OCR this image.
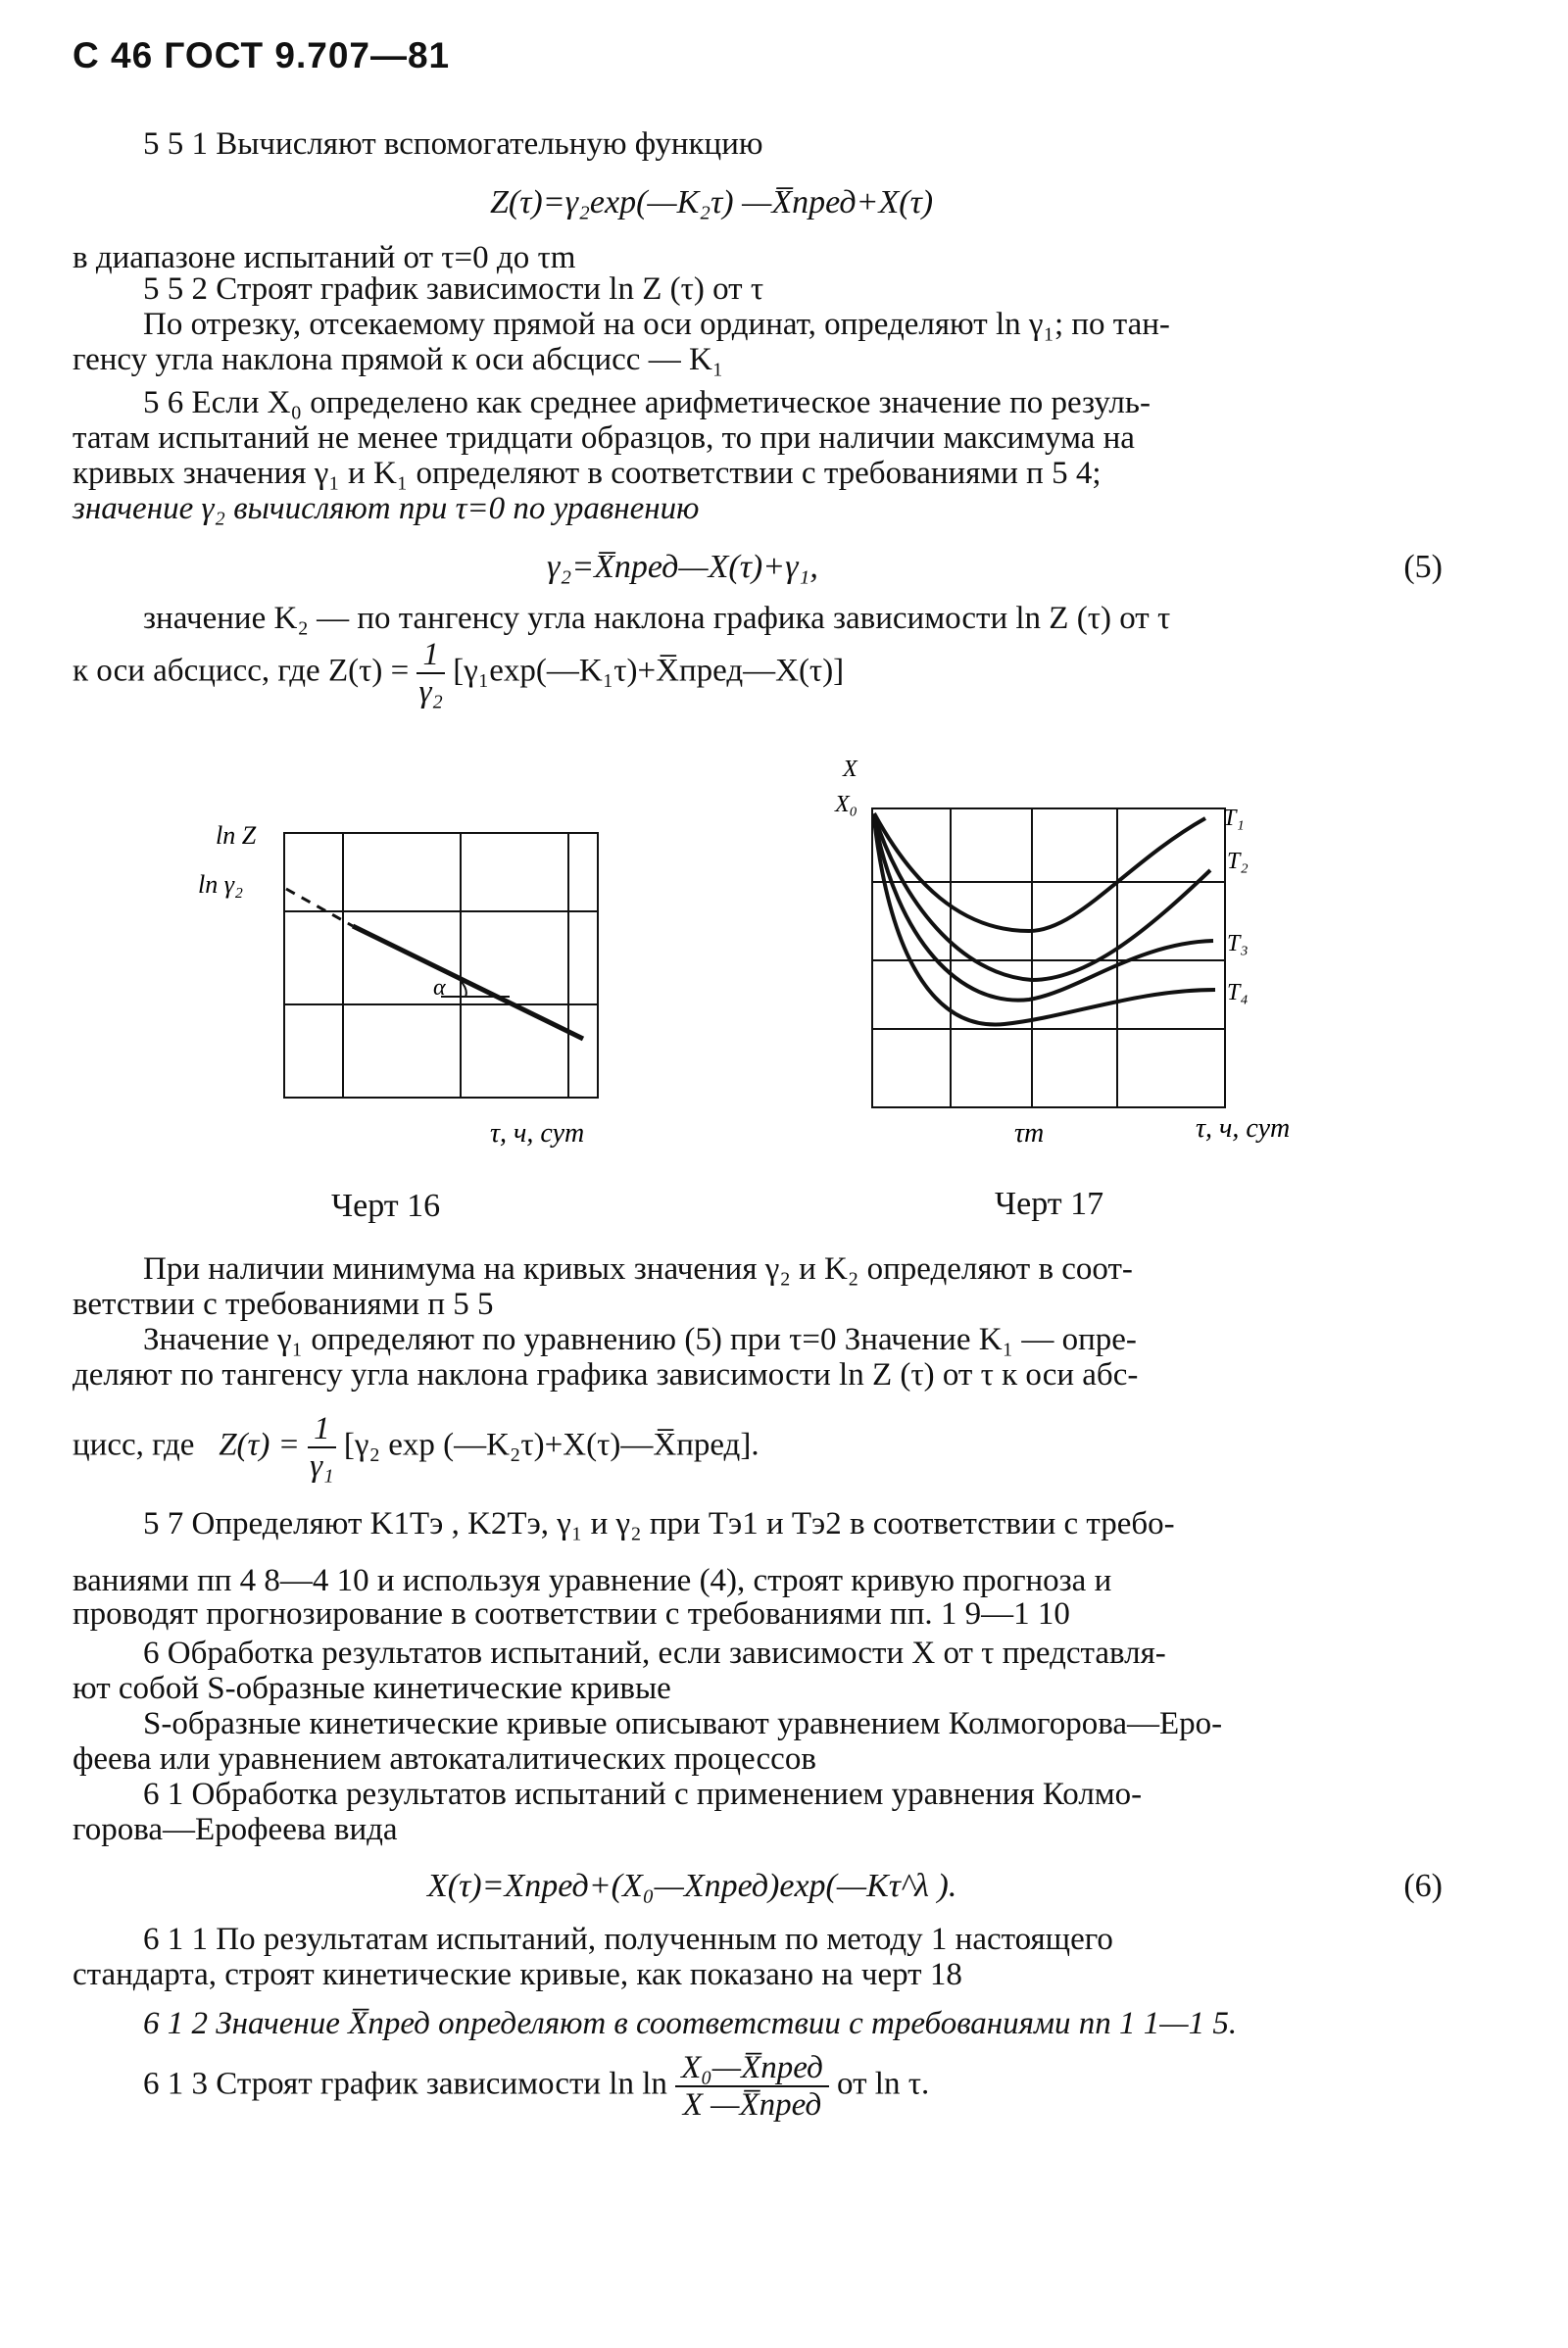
С 46 ГОСТ 9.707—81
5 5 1 Вычисляют вспомогательную функцию
Z(τ)=γ₂exp(—K₂τ) —X̅пред+X(τ)
в диапазоне испытаний от τ=0 до τm
5 5 2 Строят график зависимости ln Z (τ) от τ
По отрезку, отсекаемому прямой на оси ординат, определяют ln γ₁; по тан-
генсу угла наклона прямой к оси абсцисс — K₁
5 6 Если X₀ определено как среднее арифметическое значение по резуль-
татам испытаний не менее тридцати образцов, то при наличии максимума на
кривых значения γ₁ и K₁ определяют в соответствии с требованиями п 5 4;
значение γ₂ вычисляют при τ=0 по уравнению
γ₂=X̅пред—X(τ)+γ₁,	(5)
значение K₂ — по тангенсу угла наклона графика зависимости ln Z (τ) от τ
к оси абсцисс, где $Z(\tau) = \frac{1}{\text{γ₂}}$ [γ₁exp(—K₁τ)+X̅пред—X(τ)]
α
ln Z
ln γ₂
τ, ч, сут
Черт 16
X
X₀
T₁
T₂
T₃
T₄
τm	τ, ч, сут
Черт 17
При наличии минимума на кривых значения γ₂ и K₂ определяют в соот-
ветствии с требованиями п 5 5
Значение γ₁ определяют по уравнению (5) при τ=0 Значение K₁ — опре-
деляют по тангенсу угла наклона графика зависимости ln Z (τ) от τ к оси абс-
цисс, где $Z(\tau) = \frac{1}{\text{γ₁}} [\gamma_2$ exp (—K₂τ)+X(τ)—X̅пред].
5 7 Определяют K1Tэ , K2Tэ, γ₁ и γ₂ при Tэ1 и Tэ2 в соответствии с требо-
ваниями пп 4 8—4 10 и используя уравнение (4), строят кривую прогноза и
проводят прогнозирование в соответствии с требованиями пп. 1 9—1 10
6 Обработка результатов испытаний, если зависимости X от τ представля-
ют собой S-образные кинетические кривые
S-образные кинетические кривые описывают уравнением Колмогорова—Еро-
феева или уравнением автокаталитических процессов
6 1 Обработка результатов испытаний с применением уравнения Колмо-
горова—Ерофеева вида
X(τ)=Xпред+(X₀—Xпред)exp(—Kτ^λ ).	(6)
6 1 1 По результатам испытаний, полученным по методу 1 настоящего
стандарта, строят кинетические кривые, как показано на черт 18
6 1 2 Значение X̅пред определяют в соответствии с требованиями пп 1 1—1 5.
6 1 3 Строят график зависимости $\ln \ln \frac{\text{X₀—X̅пред}}{\text{X —X̅пред}}$ от ln τ.
